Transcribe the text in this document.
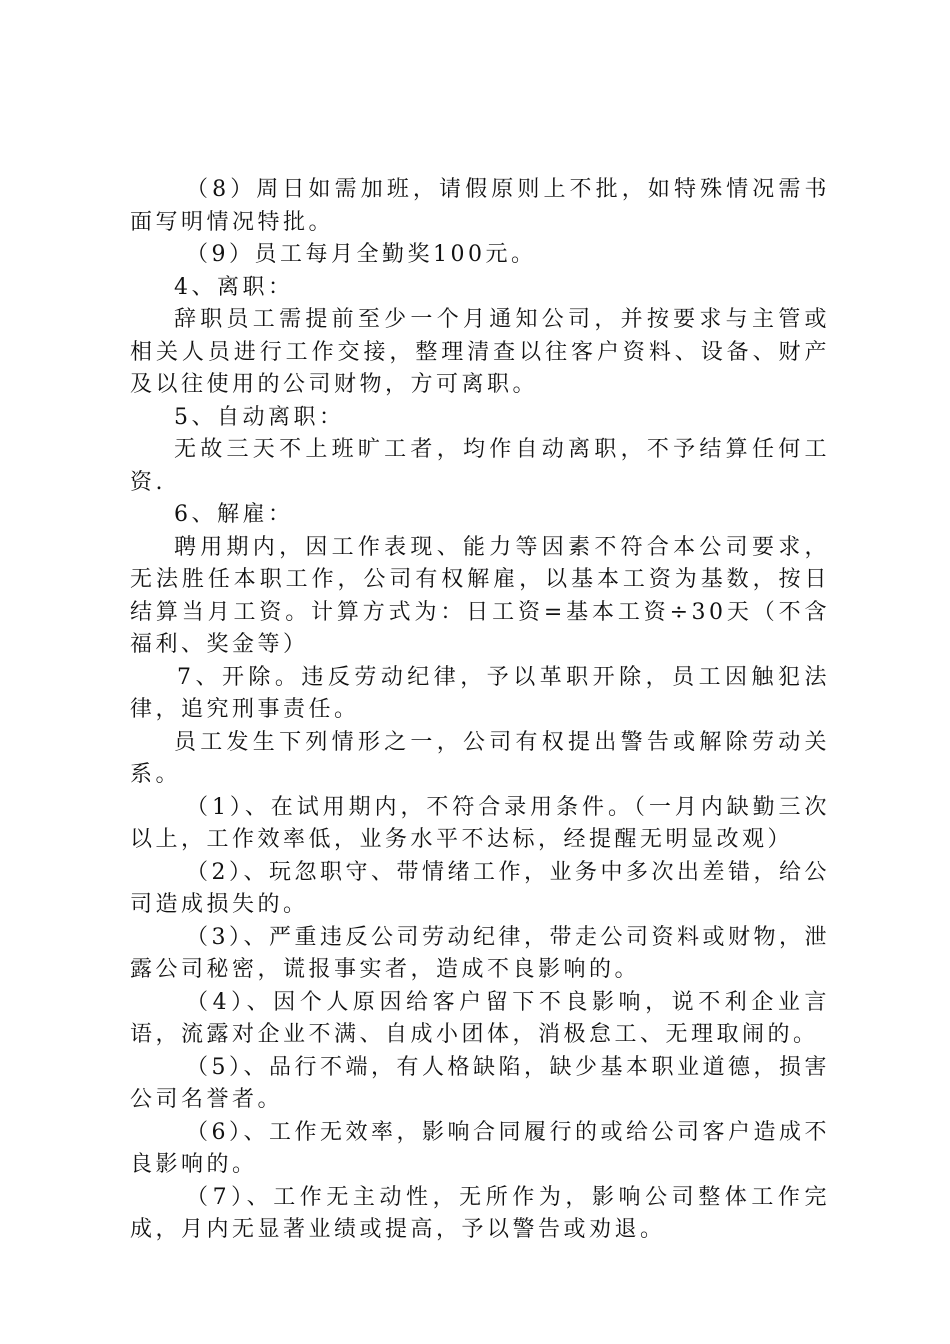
（8）周日如需加班，请假原则上不批，如特殊情况需书面写明情况特批。

（9）员工每月全勤奖100元。

4、离职：

辞职员工需提前至少一个月通知公司，并按要求与主管或相关人员进行工作交接，整理清查以往客户资料、设备、财产及以往使用的公司财物，方可离职。

5、自动离职：

无故三天不上班旷工者，均作自动离职，不予结算任何工资.

6、解雇：

聘用期内，因工作表现、能力等因素不符合本公司要求，无法胜任本职工作，公司有权解雇，以基本工资为基数，按日结算当月工资。计算方式为：日工资=基本工资÷30天（不含福利、奖金等）

7、开除。违反劳动纪律，予以革职开除，员工因触犯法律，追究刑事责任。

员工发生下列情形之一，公司有权提出警告或解除劳动关系。

（1）、在试用期内，不符合录用条件。（一月内缺勤三次以上，工作效率低，业务水平不达标，经提醒无明显改观）

（2）、玩忽职守、带情绪工作，业务中多次出差错，给公司造成损失的。

（3）、严重违反公司劳动纪律，带走公司资料或财物，泄露公司秘密，谎报事实者，造成不良影响的。

（4）、因个人原因给客户留下不良影响，说不利企业言语，流露对企业不满、自成小团体，消极怠工、无理取闹的。

（5）、品行不端，有人格缺陷，缺少基本职业道德，损害公司名誉者。

（6）、工作无效率，影响合同履行的或给公司客户造成不良影响的。

（7）、工作无主动性，无所作为，影响公司整体工作完成，月内无显著业绩或提高，予以警告或劝退。
